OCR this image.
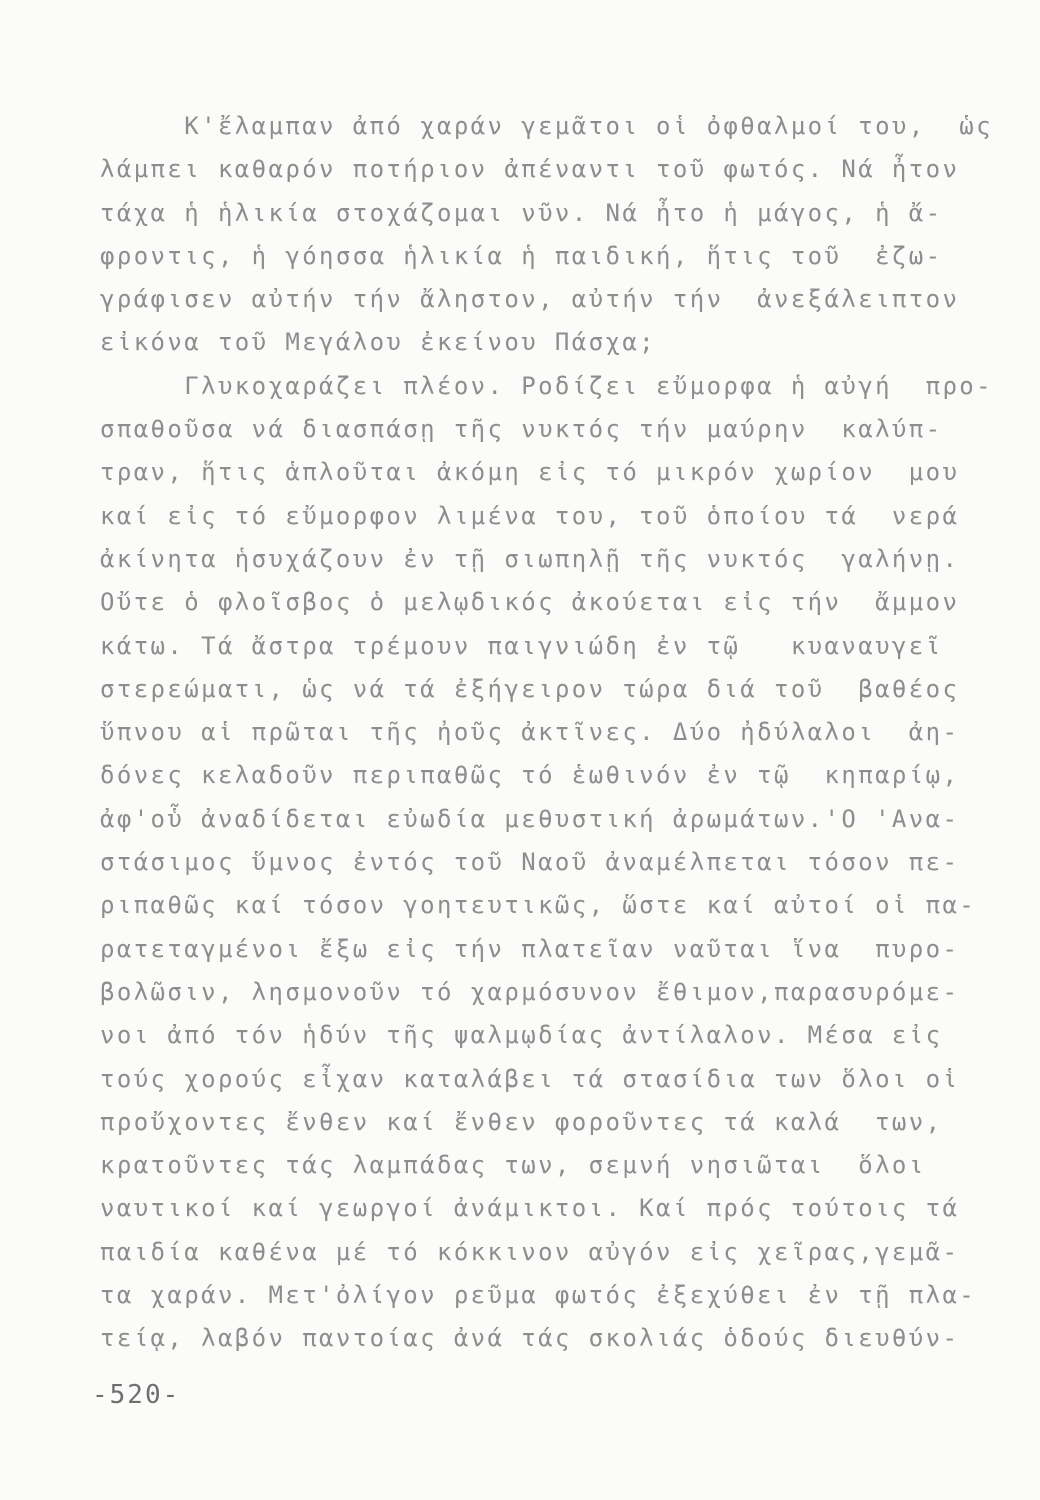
K'ἔλαμπαν ἀπό χαράν γεμᾶτοι οἱ ὀφθαλμοί του,  ὡς
λάμπει καθαρόν ποτήριον ἀπέναντι τοῦ φωτός. Νά ἦτον
τάχα ἡ ἡλικία στοχάζομαι νῦν. Νά ἦτο ἡ μάγος, ἡ ἄ-
φροντις, ἡ γόησσα ἡλικία ἡ παιδική, ἥτις τοῦ  ἐζω-
γράφισεν αὐτήν τήν ἄληστον, αὐτήν τήν  ἀνεξάλειπτον
εἰκόνα τοῦ Μεγάλου ἐκείνου Πάσχα;
Γλυκοχαράζει πλέον. Ροδίζει εὔμορφα ἡ αὐγή  προ-
σπαθοῦσα νά διασπάσῃ τῆς νυκτός τήν μαύρην  καλύπ-
τραν, ἥτις ἁπλοῦται ἀκόμη εἰς τό μικρόν χωρίον  μου
καί εἰς τό εὔμορφον λιμένα του, τοῦ ὁποίου τά  νερά
ἀκίνητα ἡσυχάζουν ἐν τῇ σιωπηλῇ τῆς νυκτός  γαλήνῃ.
Οὔτε ὁ φλοῖσβος ὁ μελῳδικός ἀκούεται εἰς τήν  ἄμμον
κάτω. Τά ἄστρα τρέμουν παιγνιώδη ἐν τῷ   κυαναυγεῖ
στερεώματι, ὡς νά τά ἐξήγειρον τώρα διά τοῦ  βαθέος
ὕπνου αἱ πρῶται τῆς ἠοῦς ἀκτῖνες. Δύο ἠδύλαλοι  ἀη-
δόνες κελαδοῦν περιπαθῶς τό ἑωθινόν ἐν τῷ  κηπαρίῳ,
ἀφ'οὗ ἀναδίδεται εὐωδία μεθυστική ἀρωμάτων.'Ο 'Ανα-
στάσιμος ὕμνος ἐντός τοῦ Ναοῦ ἀναμέλπεται τόσον πε-
ριπαθῶς καί τόσον γοητευτικῶς, ὥστε καί αὐτοί οἱ πα-
ρατεταγμένοι ἔξω εἰς τήν πλατεῖαν ναῦται ἵνα  πυρο-
βολῶσιν, λησμονοῦν τό χαρμόσυνον ἔθιμον,παρασυρόμε-
νοι ἀπό τόν ἡδύν τῆς ψαλμῳδίας ἀντίλαλον. Μέσα εἰς
τούς χορούς εἶχαν καταλάβει τά στασίδια των ὅλοι οἱ
προὔχοντες ἔνθεν καί ἔνθεν φοροῦντες τά καλά  των,
κρατοῦντες τάς λαμπάδας των, σεμνή νησιῶται  ὅλοι
ναυτικοί καί γεωργοί ἀνάμικτοι. Καί πρός τούτοις τά
παιδία καθένα μέ τό κόκκινον αὐγόν εἰς χεῖρας,γεμᾶ-
τα χαράν. Μετ'ὀλίγον ρεῦμα φωτός ἐξεχύθει ἐν τῇ πλα-
τείᾳ, λαβόν παντοίας ἀνά τάς σκολιάς ὁδούς διευθύν-
-520-
